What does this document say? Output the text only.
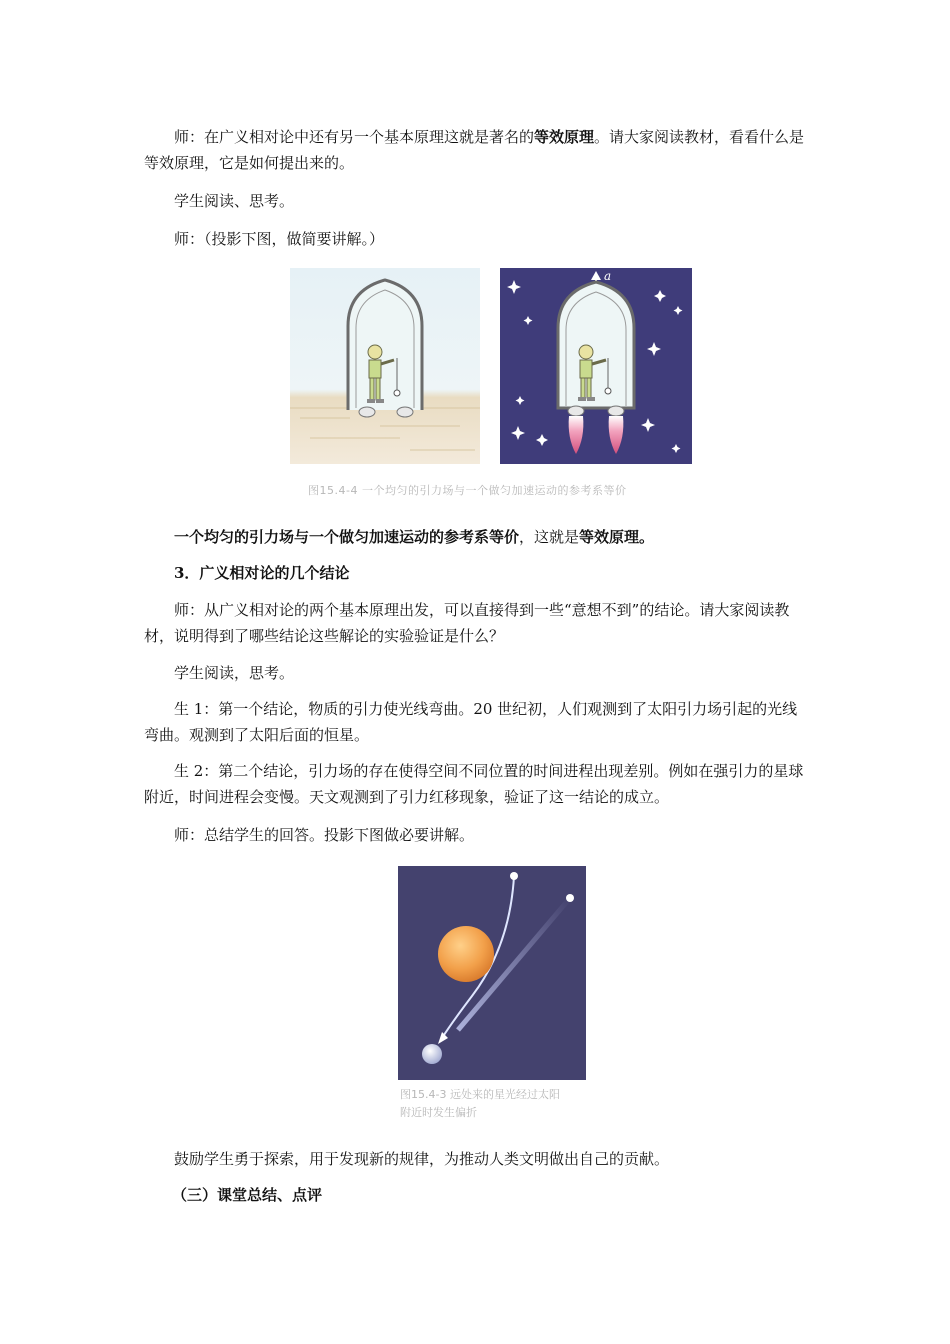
师：在广义相对论中还有另一个基本原理这就是著名的等效原理。请大家阅读教材，看看什么是等效原理，它是如何提出来的。

学生阅读、思考。

师：（投影下图，做简要讲解。）

a
图15.4-4 一个均匀的引力场与一个做匀加速运动的参考系等价

一个均匀的引力场与一个做匀加速运动的参考系等价，这就是等效原理。

3．广义相对论的几个结论

师：从广义相对论的两个基本原理出发，可以直接得到一些“意想不到”的结论。请大家阅读教材，说明得到了哪些结论这些解论的实验验证是什么？

学生阅读，思考。

生 1：第一个结论，物质的引力使光线弯曲。20 世纪初，人们观测到了太阳引力场引起的光线弯曲。观测到了太阳后面的恒星。

生 2：第二个结论，引力场的存在使得空间不同位置的时间进程出现差别。例如在强引力的星球附近，时间进程会变慢。天文观测到了引力红移现象，验证了这一结论的成立。

师：总结学生的回答。投影下图做必要讲解。

图15.4-3 远处来的星光经过太阳
附近时发生偏折

鼓励学生勇于探索，用于发现新的规律，为推动人类文明做出自己的贡献。

（三）课堂总结、点评
